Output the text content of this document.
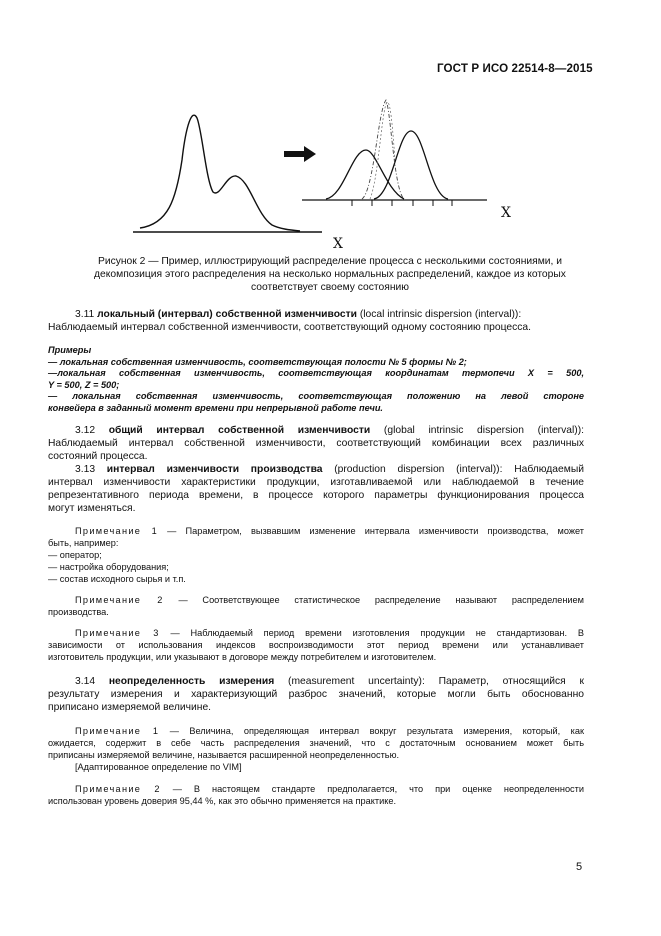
ГОСТ Р ИСО 22514-8—2015
X
X
Рисунок 2 — Пример, иллюстрирующий распределение процесса с несколькими состояниями, и
декомпозиция этого распределения на несколько нормальных распределений, каждое из которых
соответствует своему состоянию

3.11 локальный (интервал) собственной изменчивости (local intrinsic dispersion (interval)):

Наблюдаемый интервал собственной изменчивости, соответствующий одному состоянию процесса.

Примеры
— локальная собственная изменчивость, соответствующая полости № 5 формы № 2;
—локальная собственная изменчивость, соответствующая координатам термопечи X = 500,
Y = 500, Z = 500;
— локальная собственная изменчивость, соответствующая положению на левой стороне
конвейера в заданный момент времени при непрерывной работе печи.

3.12 общий интервал собственной изменчивости (global intrinsic dispersion (interval)):

Наблюдаемый интервал собственной изменчивости, соответствующий комбинации всех различных

состояний процесса.

3.13 интервал изменчивости производства (production dispersion (interval)): Наблюдаемый

интервал изменчивости характеристики продукции, изготавливаемой или наблюдаемой в течение

репрезентативного периода времени, в процессе которого параметры функционирования процесса

могут изменяться.

Примечание 1 — Параметром, вызвавшим изменение интервала изменчивости производства, может

быть, например:

— оператор;

— настройка оборудования;

— состав исходного сырья и т.п.

Примечание 2 — Соответствующее статистическое распределение называют распределением

производства.

Примечание 3 — Наблюдаемый период времени изготовления продукции не стандартизован. В

зависимости от использования индексов воспроизводимости этот период времени или устанавливает

изготовитель продукции, или указывают в договоре между потребителем и изготовителем.

3.14 неопределенность измерения (measurement uncertainty): Параметр, относящийся к

результату измерения и характеризующий разброс значений, которые могли быть обоснованно

приписано измеряемой величине.

Примечание 1 — Величина, определяющая интервал вокруг результата измерения, который, как

ожидается, содержит в себе часть распределения значений, что с достаточным основанием может быть

приписаны измеряемой величине, называется расширенной неопределенностью.

[Адаптированное определение по VIM]

Примечание 2 — В настоящем стандарте предполагается, что при оценке неопределенности

использован уровень доверия 95,44 %, как это обычно применяется на практике.

5
